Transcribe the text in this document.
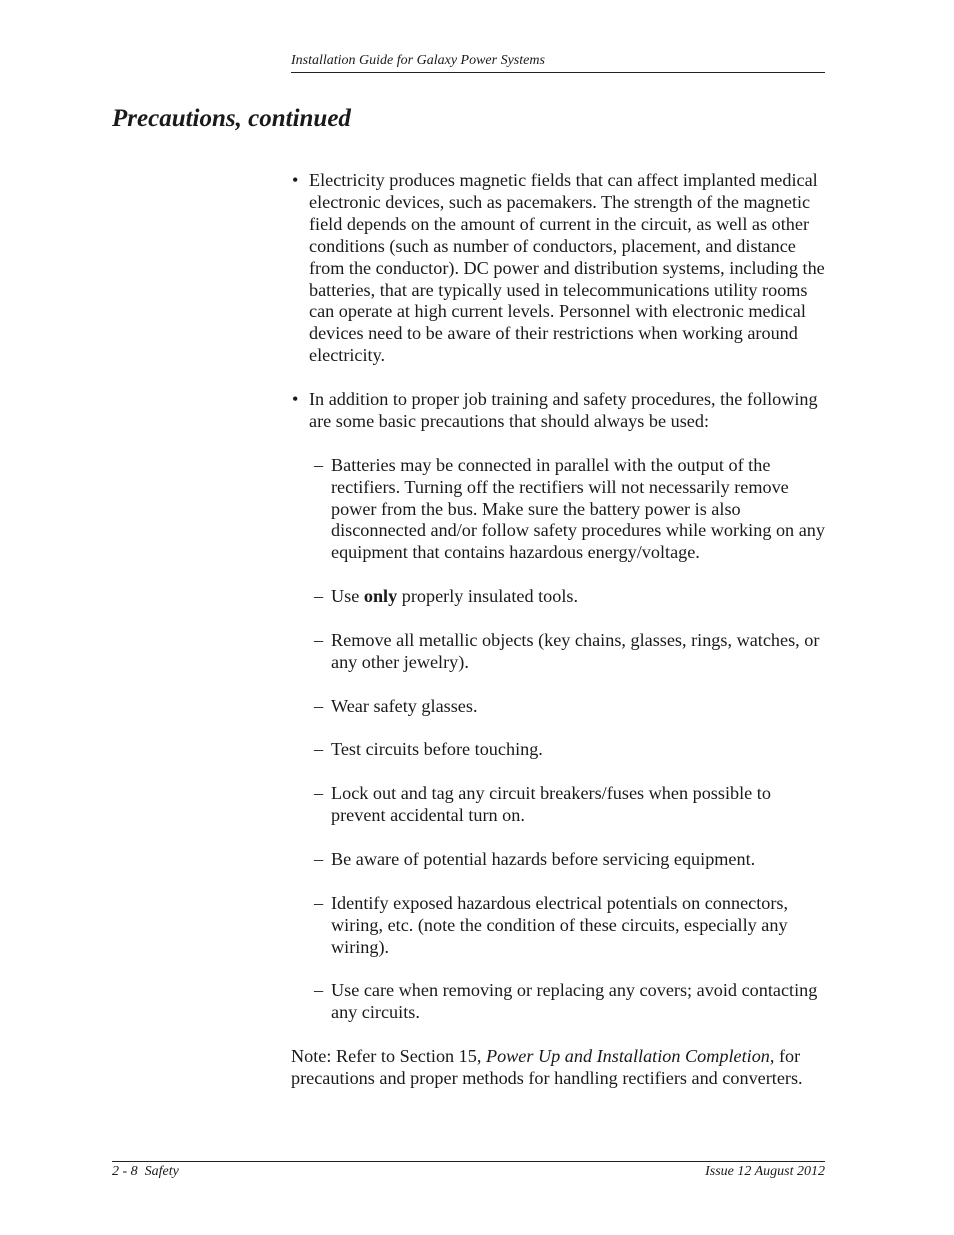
Installation Guide for Galaxy Power Systems
Precautions, continued

• Electricity produces magnetic fields that can affect implanted medical electronic devices, such as pacemakers. The strength of the magnetic field depends on the amount of current in the circuit, as well as other conditions (such as number of conductors, placement, and distance from the conductor). DC power and distribution systems, including the batteries, that are typically used in telecommunications utility rooms can operate at high current levels. Personnel with electronic medical devices need to be aware of their restrictions when working around electricity.

• In addition to proper job training and safety procedures, the following are some basic precautions that should always be used:

– Batteries may be connected in parallel with the output of the rectifiers. Turning off the rectifiers will not necessarily remove power from the bus. Make sure the battery power is also disconnected and/or follow safety procedures while working on any equipment that contains hazardous energy/voltage.

– Use only properly insulated tools.

– Remove all metallic objects (key chains, glasses, rings, watches, or any other jewelry).

– Wear safety glasses.

– Test circuits before touching.

– Lock out and tag any circuit breakers/fuses when possible to prevent accidental turn on.

– Be aware of potential hazards before servicing equipment.

– Identify exposed hazardous electrical potentials on connectors, wiring, etc. (note the condition of these circuits, especially any wiring).

– Use care when removing or replacing any covers; avoid contacting any circuits.

Note: Refer to Section 15, Power Up and Installation Completion, for precautions and proper methods for handling rectifiers and converters.

2 - 8  Safety	Issue 12 August 2012
